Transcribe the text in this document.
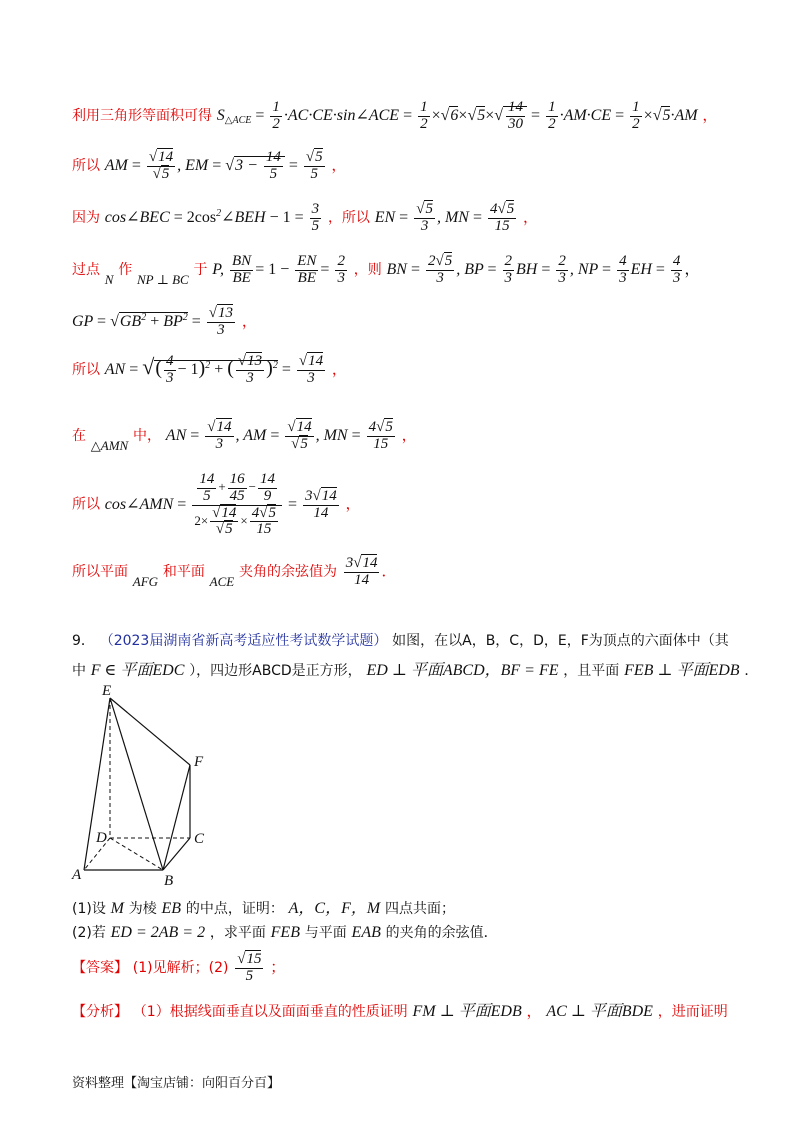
利用三角形等面积可得 $S_{\triangle ACE} = \frac{1}{2}$ ·AC·CE·sin∠ACE = $\frac{1}{2} \times√6\times√5\times√ \frac{14}{30} = \frac{1}{2} \cdot AM\cdot CE = \frac{1}{2} \times√5\cdot AM$ ，
所以 AM = $\frac{√14}{√5}$ , EM = $√3 - \frac{14}{5} = \frac{√5}{5}$ ，
因为 cos∠BEC = $2\cos^2\angle BEH - 1 = \frac{3}{5}$ ，所以 EN = $\frac{√5}{3}$ , MN = $\frac{4√5}{15}$ ，
过点 N 作 NP ⊥ BC 于 P, $\frac{BN}{BE} = 1 - \frac{EN}{BE} = \frac{2}{3}$ ，则 BN = $\frac{2√5}{3}$ , BP = $\frac{2}{3}$ BH = $\frac{2}{3}$ , NP = $\frac{4}{3}$ EH = $\frac{4}{3}$ ，
GP = $√GB^2 + BP^2 = \frac{√13}{3}$ ，
所以 AN = √( $\frac{4}{3} - 1)^2$ + ( $\frac{√13}{3} )^2 = \frac{√14}{3}$ ，
在 △AMN 中， AN = $\frac{√14}{3}$ , AM = $\frac{√14}{√5}$ , MN = $\frac{4√5}{15}$ ，
所以 cos∠AMN = $\frac{\frac{14}{5} + \frac{16}{45} - \frac{14}{9}}{2\times \frac{√14}{√5} \times \frac{4√5}{15}} = \frac{3√14}{14}$ ，
所以平面 AFG 和平面 ACE 夹角的余弦值为 $\frac{3√14}{14}$ ．
9． （2023届湖南省新高考适应性考试数学试题） 如图，在以A，B，C，D，E，F为顶点的六面体中（其
中 F ∈ 平面EDC ），四边形ABCD是正方形， ED ⊥ 平面ABCD，BF = FE ，且平面 FEB ⊥ 平面EDB ．
E
F
D	C
A	B
(1)设 M 为棱 EB 的中点，证明： A，C，F，M 四点共面；
(2)若 ED = 2AB = 2 ，求平面 FEB 与平面 EAB 的夹角的余弦值．
【答案】 (1)见解析；$(2) \frac{√15}{5}$ ；
【分析】 （1）根据线面垂直以及面面垂直的性质证明 FM ⊥ 平面EDB ， AC ⊥ 平面BDE ，进而证明
资料整理【淘宝店铺：向阳百分百】
